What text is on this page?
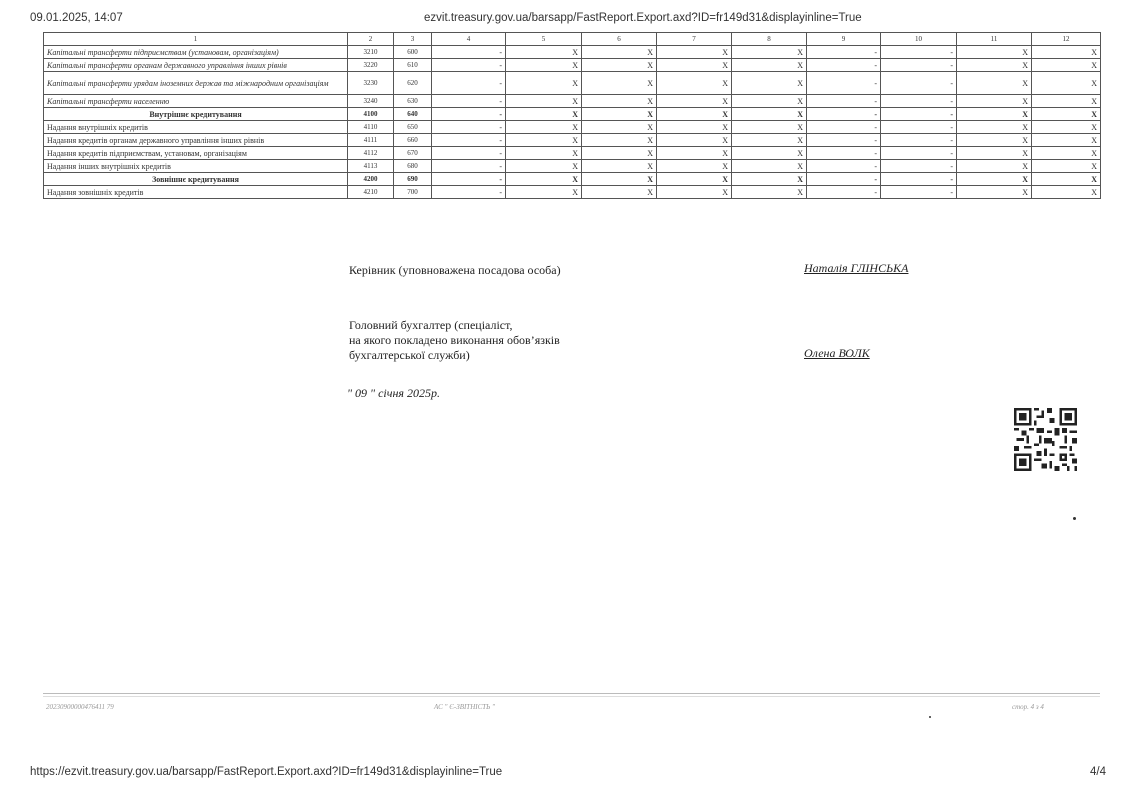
09.01.2025, 14:07	ezvit.treasury.gov.ua/barsapp/FastReport.Export.axd?ID=fr149d31&displayinline=True
1	2	3	4	5	6	7	8	9	10	11	12
Капітальні трансферти підприємствам (установам, організаціям)	3210	600	-	X	X	X	X	-	-	X	X
Капітальні трансферти органам державного управління інших рівнів	3220	610	-	X	X	X	X	-	-	X	X
Капітальні трансферти урядам іноземних держав та міжнародним організаціям	3230	620	-	X	X	X	X	-	-	X	X
Капітальні трансферти населенню	3240	630	-	X	X	X	X	-	-	X	X
Внутрішнє кредитування	4100	640	-	X	X	X	X	-	-	X	X
Надання внутрішніх кредитів	4110	650	-	X	X	X	X	-	-	X	X
Надання кредитів органам державного управління інших рівнів	4111	660	-	X	X	X	X	-	-	X	X
Надання кредитів підприємствам, установам, організаціям	4112	670	-	X	X	X	X	-	-	X	X
Надання інших внутрішніх кредитів	4113	680	-	X	X	X	X	-	-	X	X
Зовнішнє кредитування	4200	690	-	X	X	X	X	-	-	X	X
Надання зовнішніх кредитів	4210	700	-	X	X	X	X	-	-	X	X
Керівник (уповноважена посадова особа)	Наталія ГЛІНСЬКА
Головний бухгалтер (спеціаліст,
на якого покладено виконання обов’язків
бухгалтерської служби)	Олена ВОЛК
" 09 " січня 2025р.
20230900000476411 79	АС " Є-ЗВІТНІСТЬ "	стор. 4 з 4
https://ezvit.treasury.gov.ua/barsapp/FastReport.Export.axd?ID=fr149d31&displayinline=True	4/4
